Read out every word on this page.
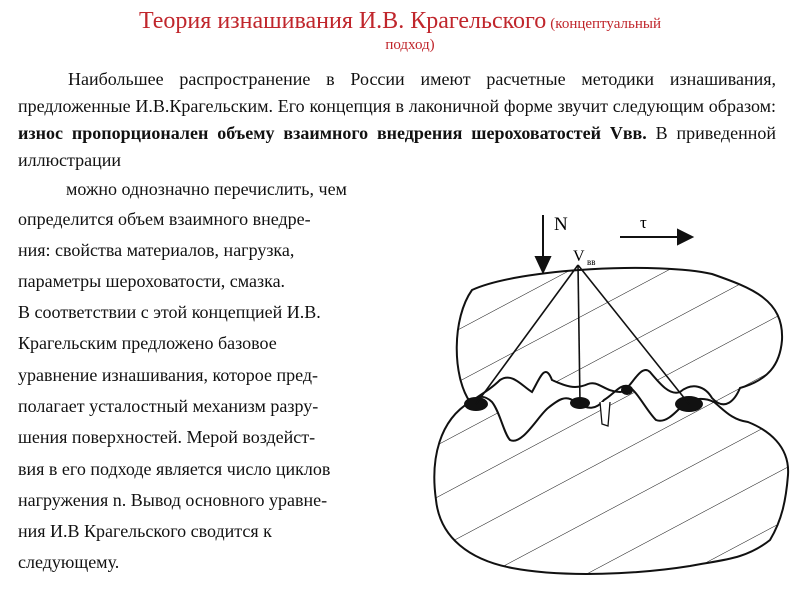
Теория изнашивания И.В. Крагельского (концептуальный
подход)
Наибольшее распространение в России имеют расчетные методики изнашивания, предложенные И.В.Крагельским. Его концепция в лаконичной форме звучит следующим образом: износ пропорционален объему взаимного внедрения шероховатостей Vвв. В приведенной иллюстрации
можно однозначно перечислить, чем
определится объем взаимного внедре-
ния: свойства материалов, нагрузка,
параметры шероховатости, смазка.
В соответствии с этой концепцией И.В.
Крагельским предложено базовое
уравнение изнашивания, которое пред-
полагает усталостный механизм разру-
шения поверхностей. Мерой воздейст-
вия в его подходе является число циклов
нагружения n. Вывод основного уравне-
ния И.В Крагельского сводится к
следующему.
N	τ
V вв
